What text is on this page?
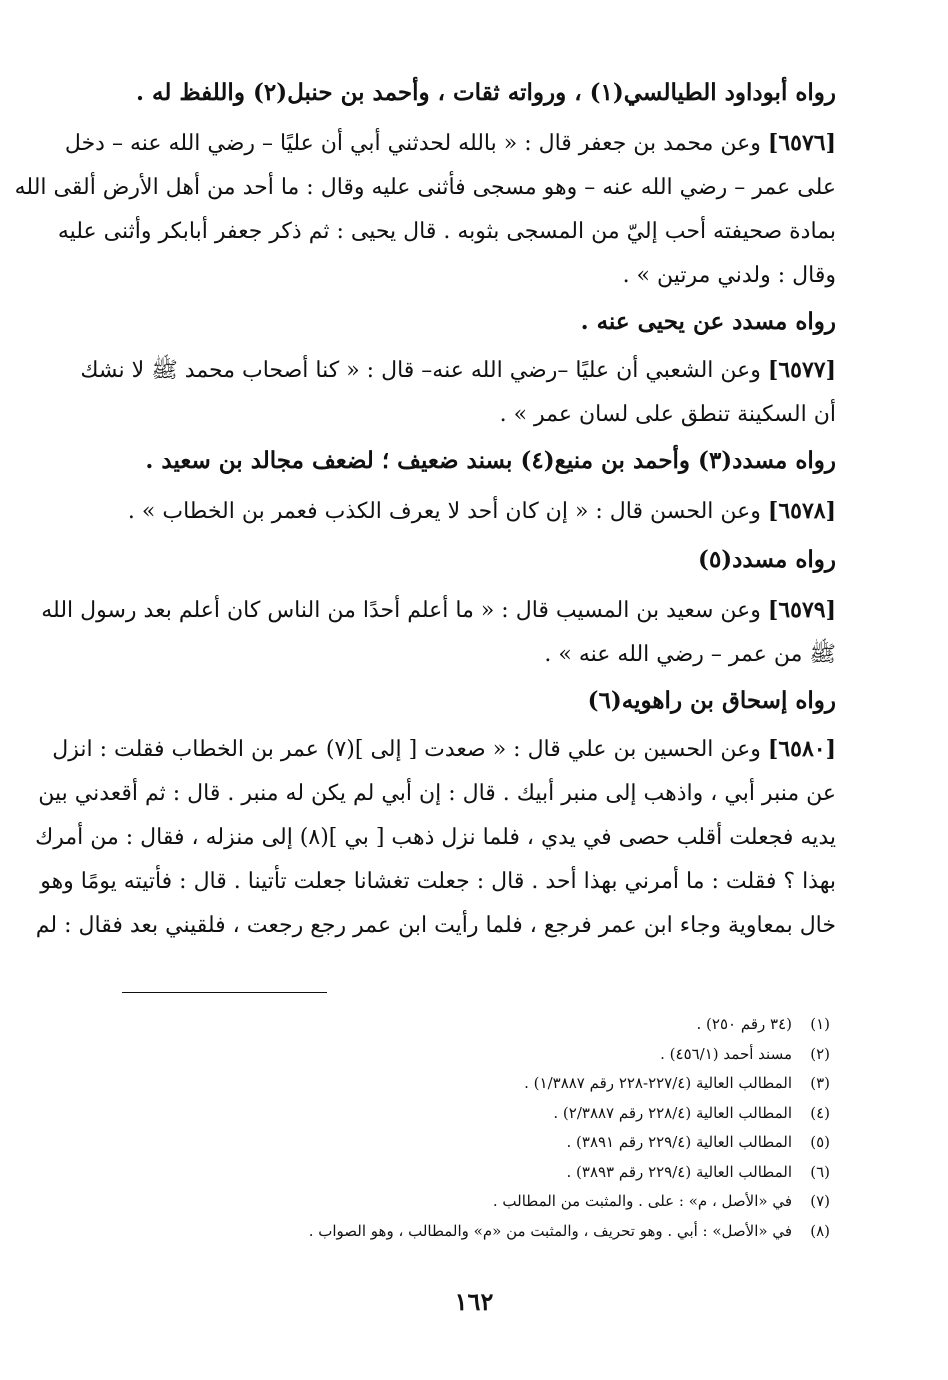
رواه أبوداود الطيالسي(١) ، ورواته ثقات ، وأحمد بن حنبل(٢) واللفظ له .
[٦٥٧٦] وعن محمد بن جعفر قال : « بالله لحدثني أبي أن عليًا – رضي الله عنه – دخل
على عمر – رضي الله عنه – وهو مسجى فأثنى عليه وقال : ما أحد من أهل الأرض ألقى الله
بمادة صحيفته أحب إليّ من المسجى بثوبه . قال يحيى : ثم ذكر جعفر أبابكر وأثنى عليه
وقال : ولدني مرتين » .
رواه مسدد عن يحيى عنه .
[٦٥٧٧] وعن الشعبي أن عليًا –رضي الله عنه– قال : « كنا أصحاب محمد ﷺ لا نشك
أن السكينة تنطق على لسان عمر » .
رواه مسدد(٣) وأحمد بن منيع(٤) بسند ضعيف ؛ لضعف مجالد بن سعيد .
[٦٥٧٨] وعن الحسن قال : « إن كان أحد لا يعرف الكذب فعمر بن الخطاب » .
رواه مسدد(٥)
[٦٥٧٩] وعن سعيد بن المسيب قال : « ما أعلم أحدًا من الناس كان أعلم بعد رسول الله
ﷺ من عمر – رضي الله عنه » .
رواه إسحاق بن راهويه(٦)
[٦٥٨٠] وعن الحسين بن علي قال : « صعدت [ إلى ](٧) عمر بن الخطاب فقلت : انزل
عن منبر أبي ، واذهب إلى منبر أبيك . قال : إن أبي لم يكن له منبر . قال : ثم أقعدني بين
يديه فجعلت أقلب حصى في يدي ، فلما نزل ذهب [ بي ](٨) إلى منزله ، فقال : من أمرك
بهذا ؟ فقلت : ما أمرني بهذا أحد . قال : جعلت تغشانا جعلت تأتينا . قال : فأتيته يومًا وهو
خال بمعاوية وجاء ابن عمر فرجع ، فلما رأيت ابن عمر رجع رجعت ، فلقيني بعد فقال : لم
(١)
(٣٤ رقم ٢٥٠) .
(٢)
مسند أحمد (٤٥٦/١) .
(٣)
المطالب العالية (٢٢٧/٤-٢٢٨ رقم ١/٣٨٨٧) .
(٤)
المطالب العالية (٢٢٨/٤ رقم ٢/٣٨٨٧) .
(٥)
المطالب العالية (٢٢٩/٤ رقم ٣٨٩١) .
(٦)
المطالب العالية (٢٢٩/٤ رقم ٣٨٩٣) .
(٧)
في «الأصل ، م» : على . والمثبت من المطالب .
(٨)
في «الأصل» : أبي . وهو تحريف ، والمثبت من «م» والمطالب ، وهو الصواب .
١٦٢
